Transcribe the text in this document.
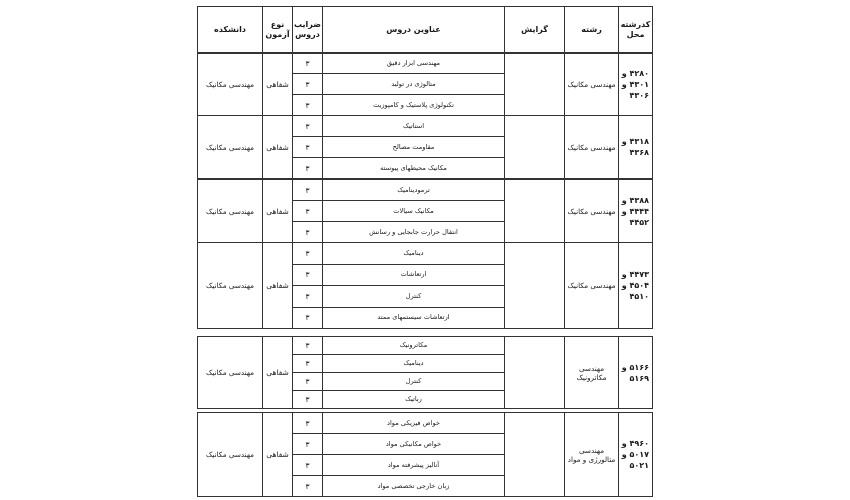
کدرشته محل	رشته	گرایش	عناوین دروس	ضرایب دروس	نوع آزمون	دانشکده
۴۲۸۰ و
۴۳۰۱ و
۴۳۰۶	مهندسی مکانیک		مهندسی ابزار دقیق	۳	شفاهی	مهندسی مکانیک
			متالوژی در تولید	۳		
			تکنولوژی پلاستیک و کامپوزیت	۳		
۴۳۱۸ و
۴۳۶۸	مهندسی مکانیک		استاتیک	۳	شفاهی	مهندسی مکانیک
			مقاومت مصالح	۳		
			مکانیک محیطهای پیوسته	۳		
۴۳۸۸ و
۴۴۴۴ و
۴۴۵۲	مهندسی مکانیک		ترمودینامیک	۳	شفاهی	مهندسی مکانیک
			مکانیک سیالات	۳		
			انتقال حرارت جابجایی و رسانش	۳		
۴۴۷۳ و
۴۵۰۴ و
۴۵۱۰	مهندسی مکانیک		دینامیک	۳	شفاهی	مهندسی مکانیک
			ارتعاشات	۳		
			کنترل	۳		
			ارتعاشات سیستمهای ممتد	۳		
۵۱۶۶ و
۵۱۶۹	مهندسی مکاترونیک		مکاترونیک	۳	شفاهی	مهندسی مکانیک
			دینامیک	۳		
			کنترل	۳		
			رباتیک	۳		
۴۹۶۰ و
۵۰۱۷ و
۵۰۲۱	مهندسی متالورژی و مواد		خواص فیزیکی مواد	۳	شفاهی	مهندسی مکانیک
			خواص مکانیکی مواد	۳		
			آنالیز پیشرفته مواد	۳		
			زبان خارجی تخصصی مواد	۳		
